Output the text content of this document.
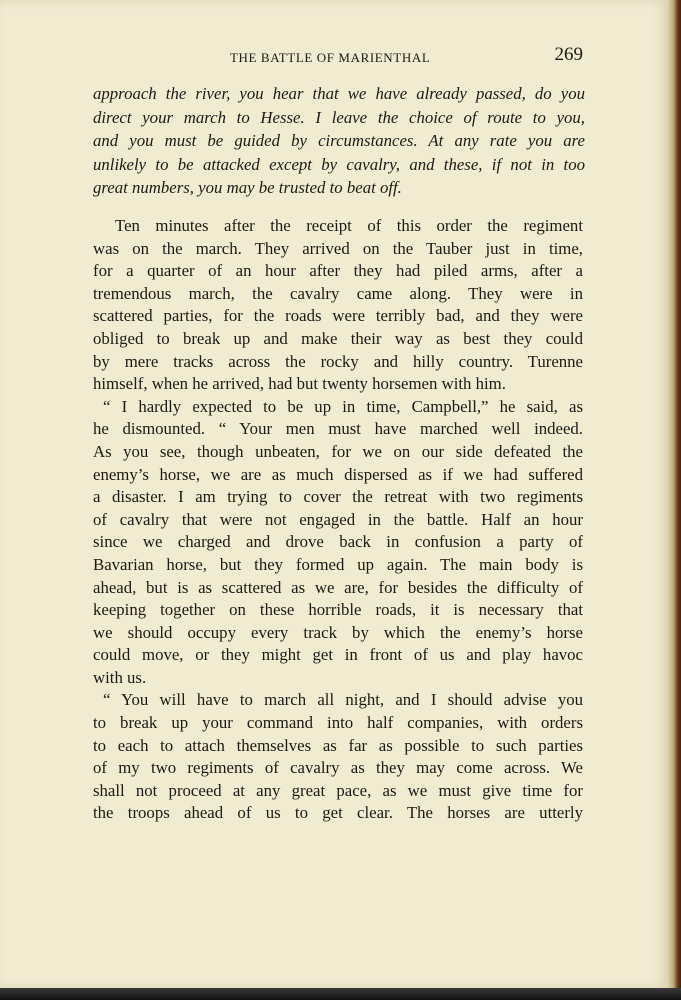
THE BATTLE OF MARIENTHAL	269
approach the river, you hear that we have already passed, do you
direct your march to Hesse. I leave the choice of route to you,
and you must be guided by circumstances. At any rate you are
unlikely to be attacked except by cavalry, and these, if not in too
great numbers, you may be trusted to beat off.
Ten minutes after the receipt of this order the regiment
was on the march. They arrived on the Tauber just in time,
for a quarter of an hour after they had piled arms, after a
tremendous march, the cavalry came along. They were in
scattered parties, for the roads were terribly bad, and they were
obliged to break up and make their way as best they could
by mere tracks across the rocky and hilly country. Turenne
himself, when he arrived, had but twenty horsemen with him.
“ I hardly expected to be up in time, Campbell,” he said, as
he dismounted. “ Your men must have marched well indeed.
As you see, though unbeaten, for we on our side defeated the
enemy’s horse, we are as much dispersed as if we had suffered
a disaster. I am trying to cover the retreat with two regiments
of cavalry that were not engaged in the battle. Half an hour
since we charged and drove back in confusion a party of
Bavarian horse, but they formed up again. The main body is
ahead, but is as scattered as we are, for besides the difficulty of
keeping together on these horrible roads, it is necessary that
we should occupy every track by which the enemy’s horse
could move, or they might get in front of us and play havoc
with us.
“ You will have to march all night, and I should advise you
to break up your command into half companies, with orders
to each to attach themselves as far as possible to such parties
of my two regiments of cavalry as they may come across. We
shall not proceed at any great pace, as we must give time for
the troops ahead of us to get clear. The horses are utterly
